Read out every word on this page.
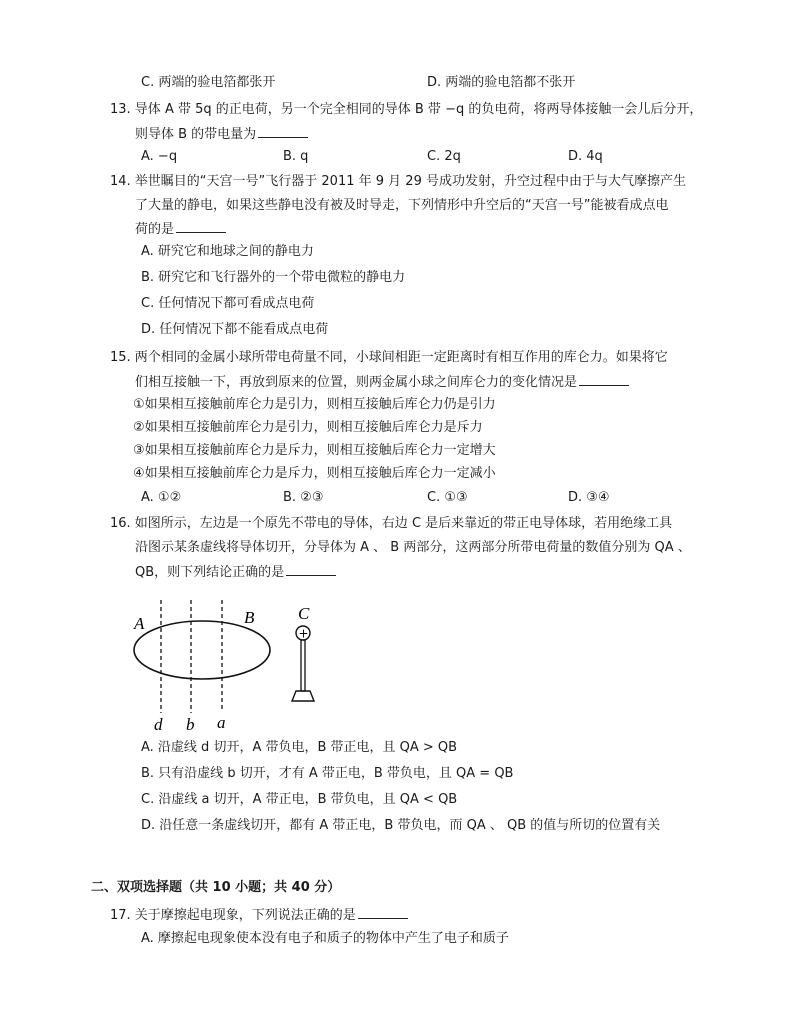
C. 两端的验电箔都张开	D. 两端的验电箔都不张开
13. 导体 A 带 5q 的正电荷，另一个完全相同的导体 B 带 −q 的负电荷，将两导体接触一会儿后分开，
则导体 B 的带电量为
A. −q	B. q	C. 2q	D. 4q
14. 举世瞩目的“天宫一号”飞行器于 2011 年 9 月 29 号成功发射，升空过程中由于与大气摩擦产生
了大量的静电，如果这些静电没有被及时导走，下列情形中升空后的“天宫一号”能被看成点电
荷的是
A. 研究它和地球之间的静电力
B. 研究它和飞行器外的一个带电微粒的静电力
C. 任何情况下都可看成点电荷
D. 任何情况下都不能看成点电荷
15. 两个相同的金属小球所带电荷量不同，小球间相距一定距离时有相互作用的库仑力。如果将它
们相互接触一下，再放到原来的位置，则两金属小球之间库仑力的变化情况是
①如果相互接触前库仑力是引力，则相互接触后库仑力仍是引力
②如果相互接触前库仑力是引力，则相互接触后库仑力是斥力
③如果相互接触前库仑力是斥力，则相互接触后库仑力一定增大
④如果相互接触前库仑力是斥力，则相互接触后库仑力一定减小
A. ①②	B. ②③	C. ①③	D. ③④
16. 如图所示，左边是一个原先不带电的导体，右边 C 是后来靠近的带正电导体球，若用绝缘工具
沿图示某条虚线将导体切开，分导体为 A 、 B 两部分，这两部分所带电荷量的数值分别为 QA 、
QB，则下列结论正确的是
A	B
d b a
C
+
A. 沿虚线 d 切开，A 带负电，B 带正电，且 QA > QB
B. 只有沿虚线 b 切开，才有 A 带正电，B 带负电，且 QA = QB
C. 沿虚线 a 切开，A 带正电，B 带负电，且 QA < QB
D. 沿任意一条虚线切开，都有 A 带正电，B 带负电，而 QA 、 QB 的值与所切的位置有关
二、双项选择题（共 10 小题；共 40 分）
17. 关于摩擦起电现象，下列说法正确的是
A. 摩擦起电现象使本没有电子和质子的物体中产生了电子和质子
